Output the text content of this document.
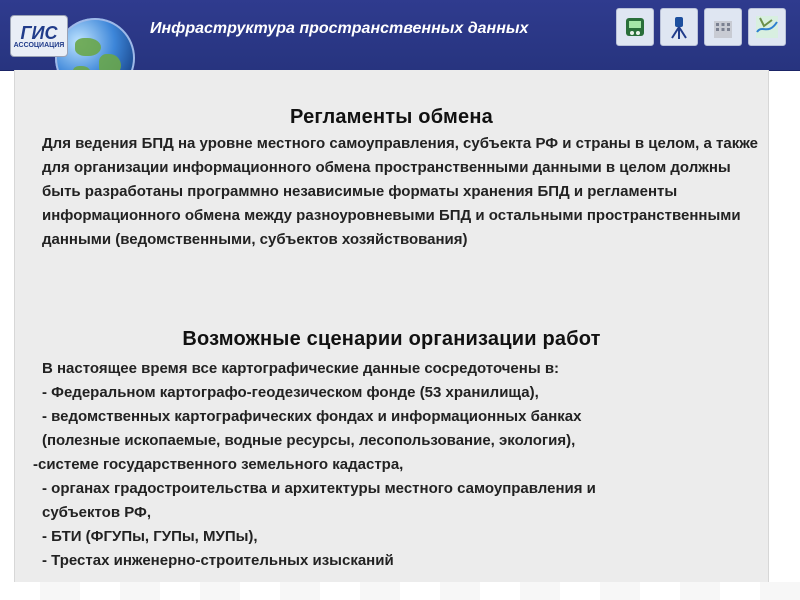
ГИС
АССОЦИАЦИЯ
Инфраструктура пространственных данных
Регламенты обмена
Для ведения БПД на уровне местного самоуправления, субъекта РФ и страны в целом, а также для организации информационного обмена пространственными данными в целом должны быть разработаны программно независимые форматы хранения БПД и регламенты информационного обмена между разноуровневыми БПД и остальными пространственными данными (ведомственными, субъектов хозяйствования)
Возможные сценарии организации работ
В настоящее время все картографические данные сосредоточены в:
- Федеральном картографо-геодезическом фонде (53 хранилища),
- ведомственных картографических фондах и информационных банках
(полезные ископаемые, водные ресурсы, лесопользование, экология),
-системе государственного земельного кадастра,
- органах градостроительства и архитектуры местного самоуправления и
субъектов РФ,
- БТИ (ФГУПы, ГУПы, МУПы),
- Трестах инженерно-строительных изысканий
